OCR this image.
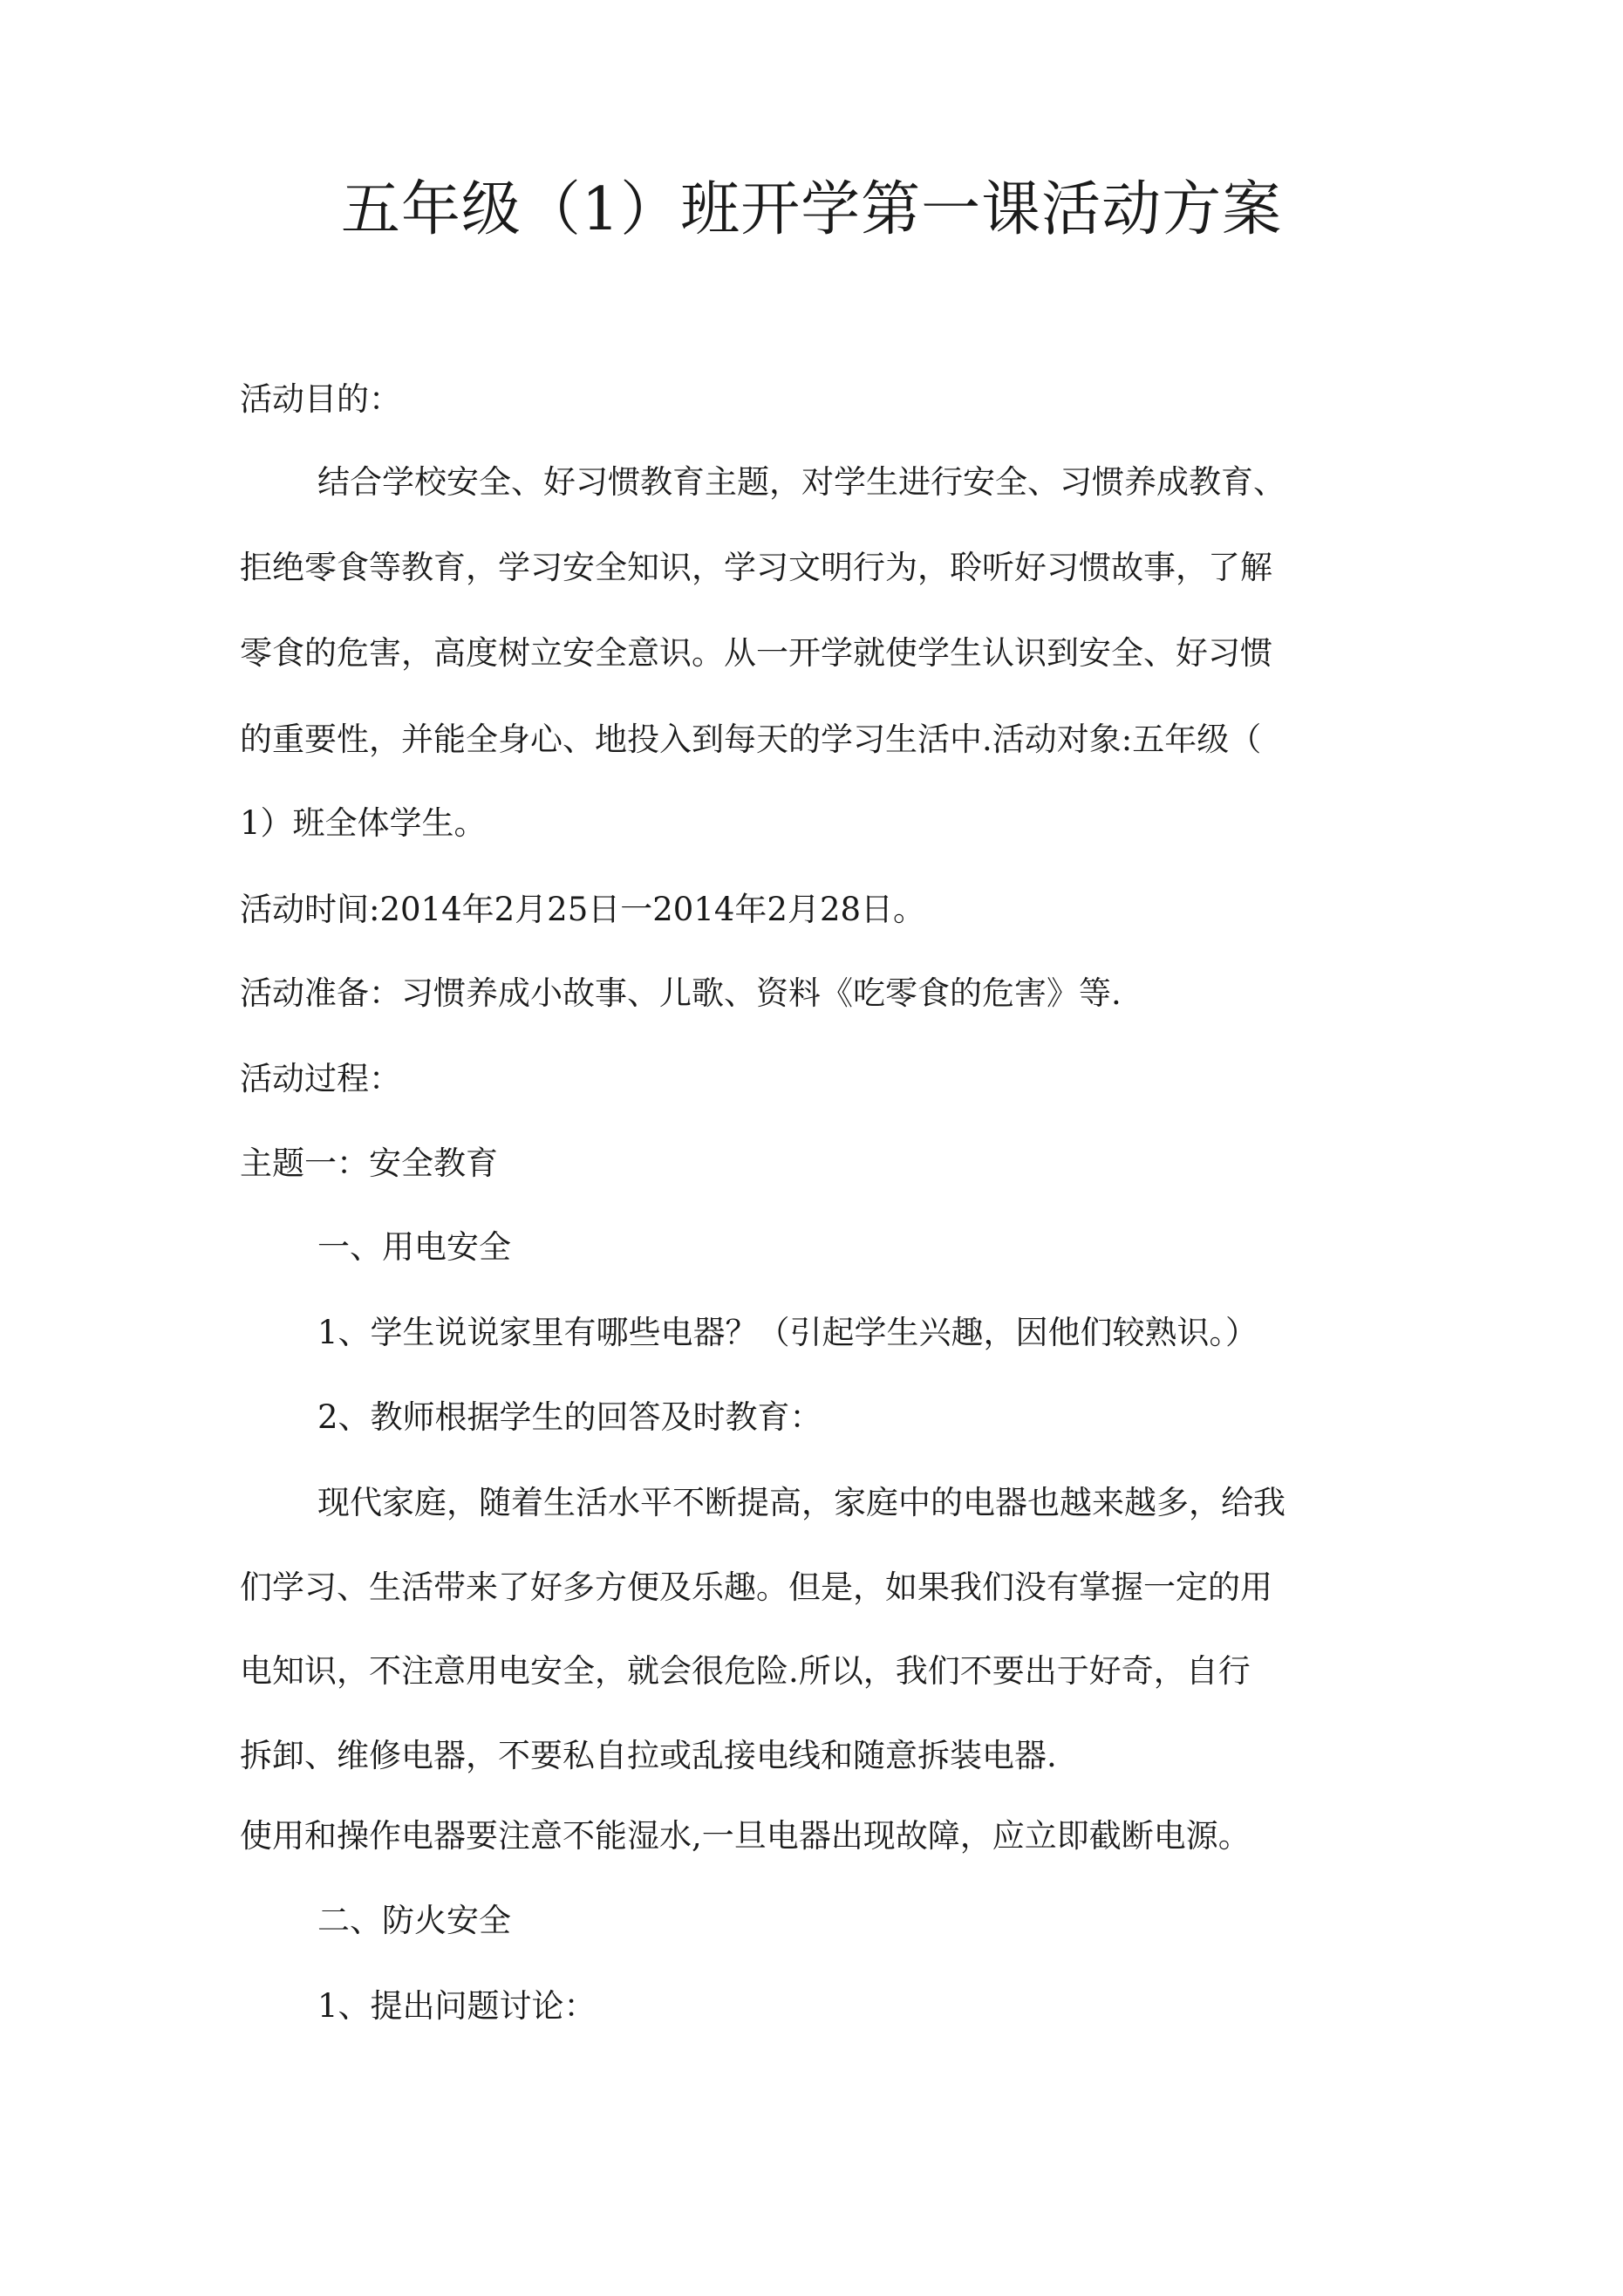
五年级（1）班开学第一课活动方案
活动目的：
结合学校安全、好习惯教育主题，对学生进行安全、习惯养成教育、
拒绝零食等教育，学习安全知识，学习文明行为，聆听好习惯故事，了解
零食的危害，高度树立安全意识。从一开学就使学生认识到安全、好习惯
的重要性，并能全身心、地投入到每天的学习生活中.活动对象:五年级（
1）班全体学生。
活动时间:2014年2月25日一2014年2月28日。
活动准备：习惯养成小故事、儿歌、资料《吃零食的危害》等.
活动过程：
主题一：安全教育
一、用电安全
1、学生说说家里有哪些电器？（引起学生兴趣，因他们较熟识。）
2、教师根据学生的回答及时教育：
现代家庭，随着生活水平不断提高，家庭中的电器也越来越多，给我
们学习、生活带来了好多方便及乐趣。但是，如果我们没有掌握一定的用
电知识，不注意用电安全，就会很危险.所以，我们不要出于好奇，自行
拆卸、维修电器，不要私自拉或乱接电线和随意拆装电器.
使用和操作电器要注意不能湿水,一旦电器出现故障，应立即截断电源。
二、防火安全
1、提出问题讨论：
